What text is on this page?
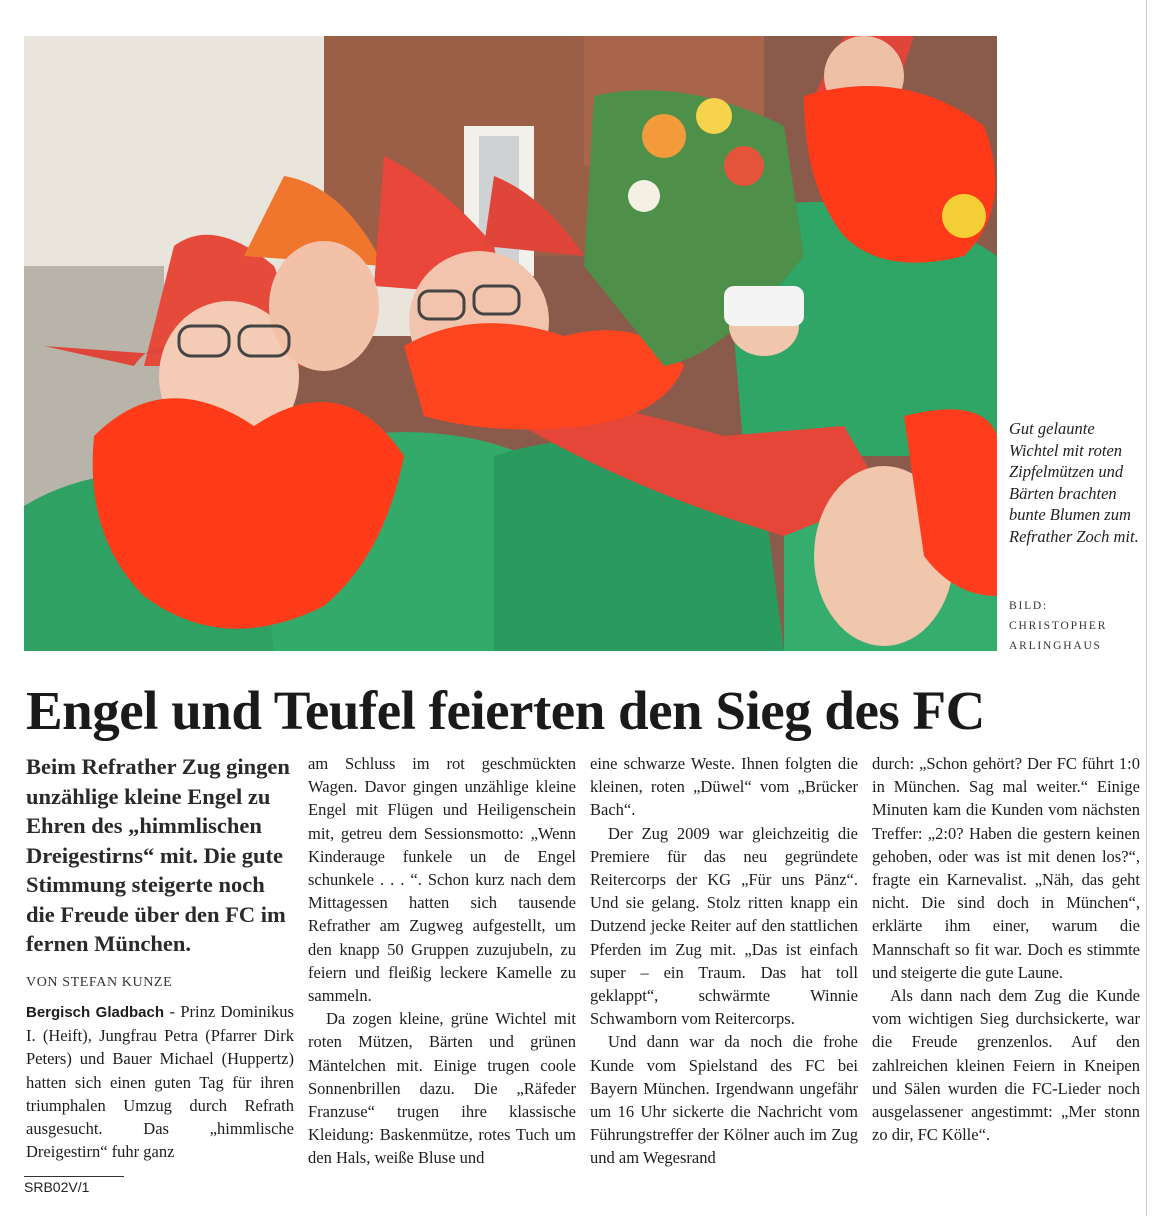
Gut gelaunte Wichtel mit roten Zipfelmützen und Bärten brachten bunte Blumen zum Refrather Zoch mit.
BILD:
CHRISTOPHER ARLINGHAUS
Engel und Teufel feierten den Sieg des FC
Beim Refrather Zug gingen unzählige kleine Engel zu Ehren des „himmlischen Dreigestirns“ mit. Die gute Stimmung steigerte noch die Freude über den FC im fernen München.
VON STEFAN KUNZE

Bergisch Gladbach - Prinz Dominikus I. (Heift), Jungfrau Petra (Pfarrer Dirk Peters) und Bauer Michael (Huppertz) hatten sich einen guten Tag für ihren triumphalen Umzug durch Refrath ausgesucht. Das „himmlische Dreigestirn“ fuhr ganz

am Schluss im rot geschmückten Wagen. Davor gingen unzählige kleine Engel mit Flügen und Heiligenschein mit, getreu dem Sessionsmotto: „Wenn Kinderauge funkele un de Engel schunkele . . . “. Schon kurz nach dem Mittagessen hatten sich tausende Refrather am Zugweg aufgestellt, um den knapp 50 Gruppen zuzujubeln, zu feiern und fleißig leckere Kamelle zu sammeln.

Da zogen kleine, grüne Wichtel mit roten Mützen, Bärten und grünen Mäntelchen mit. Einige trugen coole Sonnenbrillen dazu. Die „Räfeder Franzuse“ trugen ihre klassische Kleidung: Baskenmütze, rotes Tuch um den Hals, weiße Bluse und

eine schwarze Weste. Ihnen folgten die kleinen, roten „Düwel“ vom „Brücker Bach“.

Der Zug 2009 war gleichzeitig die Premiere für das neu gegründete Reitercorps der KG „Für uns Pänz“. Und sie gelang. Stolz ritten knapp ein Dutzend jecke Reiter auf den stattlichen Pferden im Zug mit. „Das ist einfach super – ein Traum. Das hat toll geklappt“, schwärmte Winnie Schwamborn vom Reitercorps.

Und dann war da noch die frohe Kunde vom Spielstand des FC bei Bayern München. Irgendwann ungefähr um 16 Uhr sickerte die Nachricht vom Führungstreffer der Kölner auch im Zug und am Wegesrand

durch: „Schon gehört? Der FC führt 1:0 in München. Sag mal weiter.“ Einige Minuten kam die Kunden vom nächsten Treffer: „2:0? Haben die gestern keinen gehoben, oder was ist mit denen los?“, fragte ein Karnevalist. „Näh, das geht nicht. Die sind doch in München“, erklärte ihm einer, warum die Mannschaft so fit war. Doch es stimmte und steigerte die gute Laune.

Als dann nach dem Zug die Kunde vom wichtigen Sieg durchsickerte, war die Freude grenzenlos. Auf den zahlreichen kleinen Feiern in Kneipen und Sälen wurden die FC-Lieder noch ausgelassener angestimmt: „Mer stonn zo dir, FC Kölle“.

SRB02V/1
